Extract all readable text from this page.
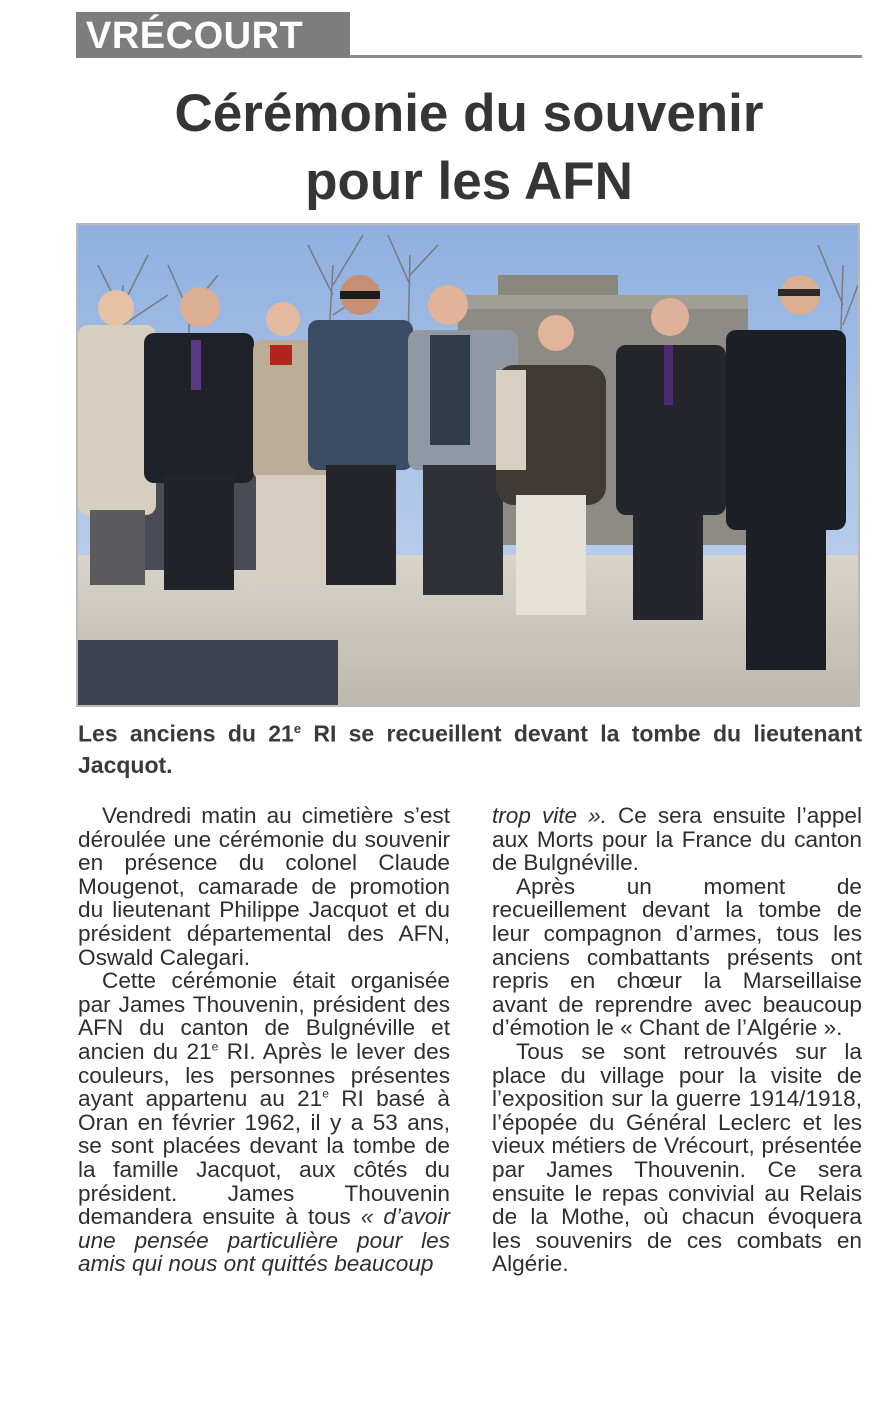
VRÉCOURT
Cérémonie du souvenir
pour les AFN

Les anciens du 21e RI se recueillent devant la tombe du lieutenant Jacquot.

Vendredi matin au cimetière s’est déroulée une cérémonie du souvenir en présence du colonel Claude Mougenot, camarade de promotion du lieutenant Philippe Jacquot et du président départemental des AFN, Oswald Calegari.

Cette cérémonie était organisée par James Thouvenin, président des AFN du canton de Bulgnéville et ancien du 21e RI. Après le lever des couleurs, les personnes présentes ayant appartenu au 21e RI basé à Oran en février 1962, il y a 53 ans, se sont placées devant la tombe de la famille Jacquot, aux côtés du président. James Thouvenin demandera ensuite à tous « d’avoir une pensée particulière pour les amis qui nous ont quittés beaucoup

trop vite ». Ce sera ensuite l’appel aux Morts pour la France du canton de Bulgnéville.

Après un moment de recueillement devant la tombe de leur compagnon d’armes, tous les anciens combattants présents ont repris en chœur la Marseillaise avant de reprendre avec beaucoup d’émotion le « Chant de l’Algérie ».

Tous se sont retrouvés sur la place du village pour la visite de l’exposition sur la guerre 1914/1918, l’épopée du Général Leclerc et les vieux métiers de Vrécourt, présentée par James Thouvenin. Ce sera ensuite le repas convivial au Relais de la Mothe, où chacun évoquera les souvenirs de ces combats en Algérie.
